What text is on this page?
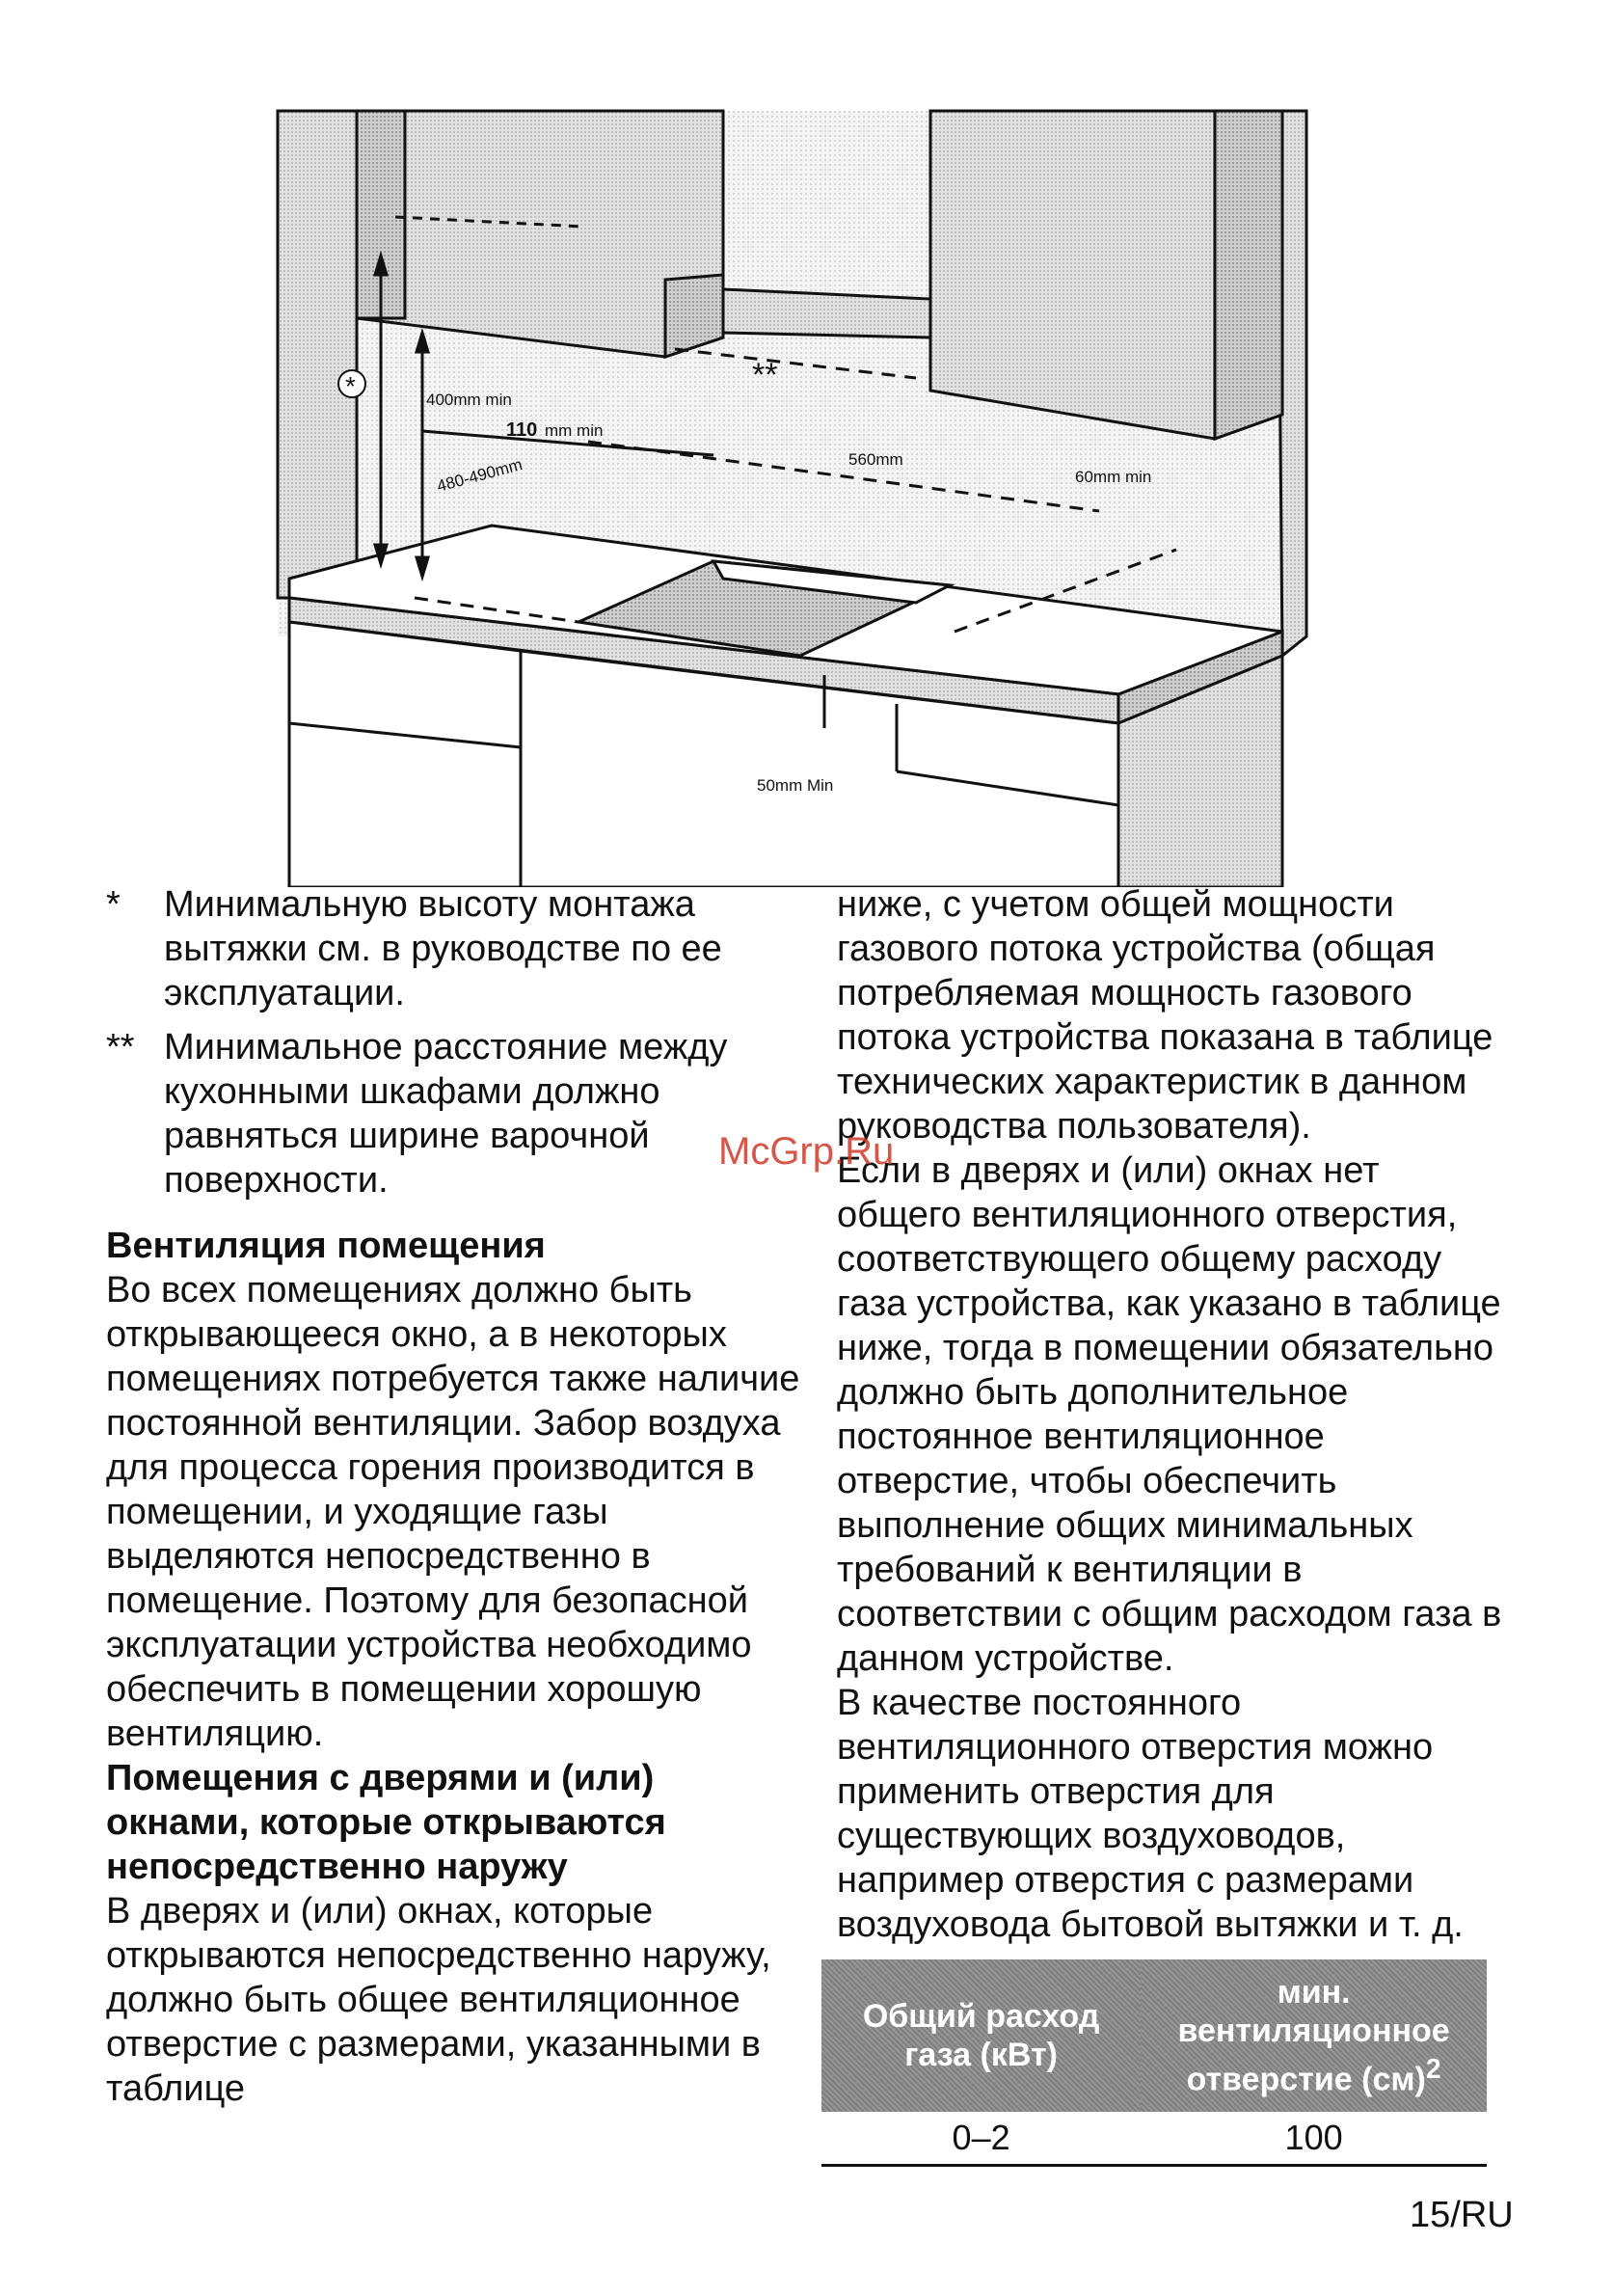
*	**
400mm min
110 mm min
560mm
480-490mm	60mm min
50mm Min
* Минимальную высоту монтажа вытяжки см. в руководстве по ее эксплуатации.

** Минимальное расстояние между кухонными шкафами должно равняться ширине варочной поверхности.

Вентиляция помещения

Во всех помещениях должно быть открывающееся окно, а в некоторых помещениях потребуется также наличие постоянной вентиляции. Забор воздуха для процесса горения производится в помещении, и уходящие газы выделяются непосредственно в помещение. Поэтому для безопасной эксплуатации устройства необходимо обеспечить в помещении хорошую вентиляцию.

Помещения с дверями и (или) окнами, которые открываются непосредственно наружу

В дверях и (или) окнах, которые открываются непосредственно наружу, должно быть общее вентиляционное отверстие с размерами, указанными в таблице

ниже, с учетом общей мощности газового потока устройства (общая потребляемая мощность газового потока устройства показана в таблице технических характеристик в данном руководства пользователя).

Если в дверях и (или) окнах нет общего вентиляционного отверстия, соответствующего общему расходу газа устройства, как указано в таблице ниже, тогда в помещении обязательно должно быть дополнительное постоянное вентиляционное отверстие, чтобы обеспечить выполнение общих минимальных требований к вентиляции в соответствии с общим расходом газа в данном устройстве.

В качестве постоянного вентиляционного отверстия можно применить отверстия для существующих воздуховодов, например отверстия с размерами воздуховода бытовой вытяжки и т. д.

McGrp.Ru
Общий расход газа (кВт)	мин. вентиляционное отверстие (см)$^2$
0–2	100
15/RU
